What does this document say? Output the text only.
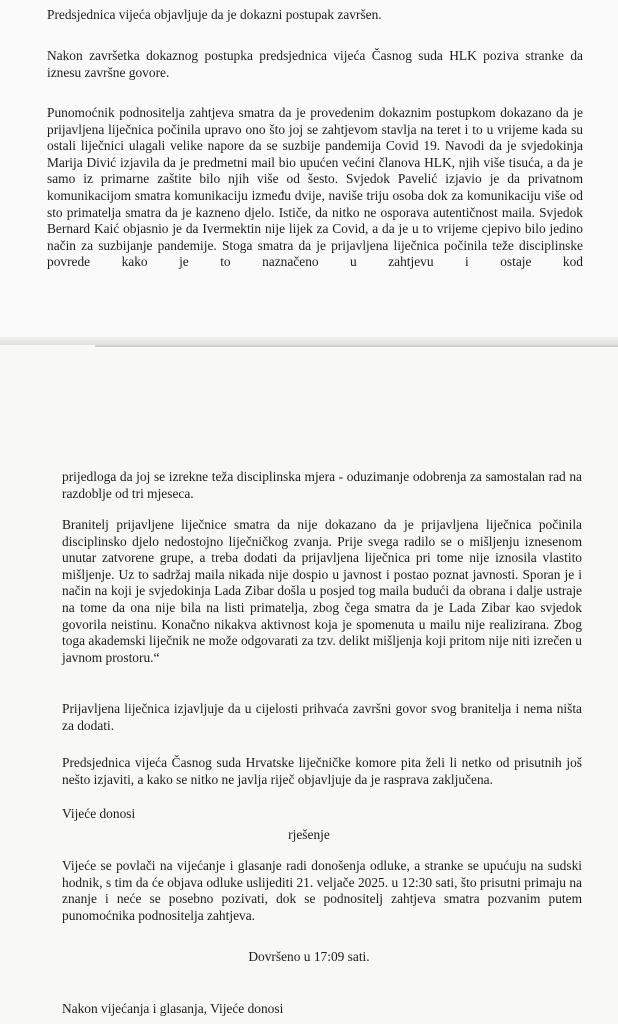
Predsjednica vijeća objavljuje da je dokazni postupak završen.

Nakon završetka dokaznog postupka predsjednica vijeća Časnog suda HLK poziva stranke da iznesu završne govore.

Punomoćnik podnositelja zahtjeva smatra da je provedenim dokaznim postupkom dokazano da je prijavljena liječnica počinila upravo ono što joj se zahtjevom stavlja na teret i to u vrijeme kada su ostali liječnici ulagali velike napore da se suzbije pandemija Covid 19. Navodi da je svjedokinja Marija Divić izjavila da je predmetni mail bio upućen većini članova HLK, njih više tisuća, a da je samo iz primarne zaštite bilo njih više od šesto. Svjedok Pavelić izjavio je da privatnom komunikacijom smatra komunikaciju između dvije, naviše triju osoba dok za komunikaciju više od sto primatelja smatra da je kazneno djelo. Ističe, da nitko ne osporava autentičnost maila. Svjedok Bernard Kaić objasnio je da Ivermektin nije lijek za Covid, a da je u to vrijeme cjepivo bilo jedino način za suzbijanje pandemije. Stoga smatra da je prijavljena liječnica počinila teže disciplinske povrede kako je to naznačeno u zahtjevu i ostaje kod

prijedloga da joj se izrekne teža disciplinska mjera - oduzimanje odobrenja za samostalan rad na razdoblje od tri mjeseca.

Branitelj prijavljene liječnice smatra da nije dokazano da je prijavljena liječnica počinila disciplinsko djelo nedostojno liječničkog zvanja. Prije svega radilo se o mišljenju iznesenom unutar zatvorene grupe, a treba dodati da prijavljena liječnica pri tome nije iznosila vlastito mišljenje. Uz to sadržaj maila nikada nije dospio u javnost i postao poznat javnosti. Sporan je i način na koji je svjedokinja Lada Zibar došla u posjed tog maila budući da obrana i dalje ustraje na tome da ona nije bila na listi primatelja, zbog čega smatra da je Lada Zibar kao svjedok govorila neistinu. Konačno nikakva aktivnost koja je spomenuta u mailu nije realizirana. Zbog toga akademski liječnik ne može odgovarati za tzv. delikt mišljenja koji pritom nije niti izrečen u javnom prostoru.“

Prijavljena liječnica izjavljuje da u cijelosti prihvaća završni govor svog branitelja i nema ništa za dodati.

Predsjednica vijeća Časnog suda Hrvatske liječničke komore pita želi li netko od prisutnih još nešto izjaviti, a kako se nitko ne javlja riječ objavljuje da je rasprava zaključena.

Vijeće donosi

rješenje

Vijeće se povlači na vijećanje i glasanje radi donošenja odluke, a stranke se upućuju na sudski hodnik, s tim da će objava odluke uslijediti 21. veljače 2025. u 12:30 sati, što prisutni primaju na znanje i neće se posebno pozivati, dok se podnositelj zahtjeva smatra pozvanim putem punomoćnika podnositelja zahtjeva.

Dovršeno u 17:09 sati.

Nakon vijećanja i glasanja, Vijeće donosi
